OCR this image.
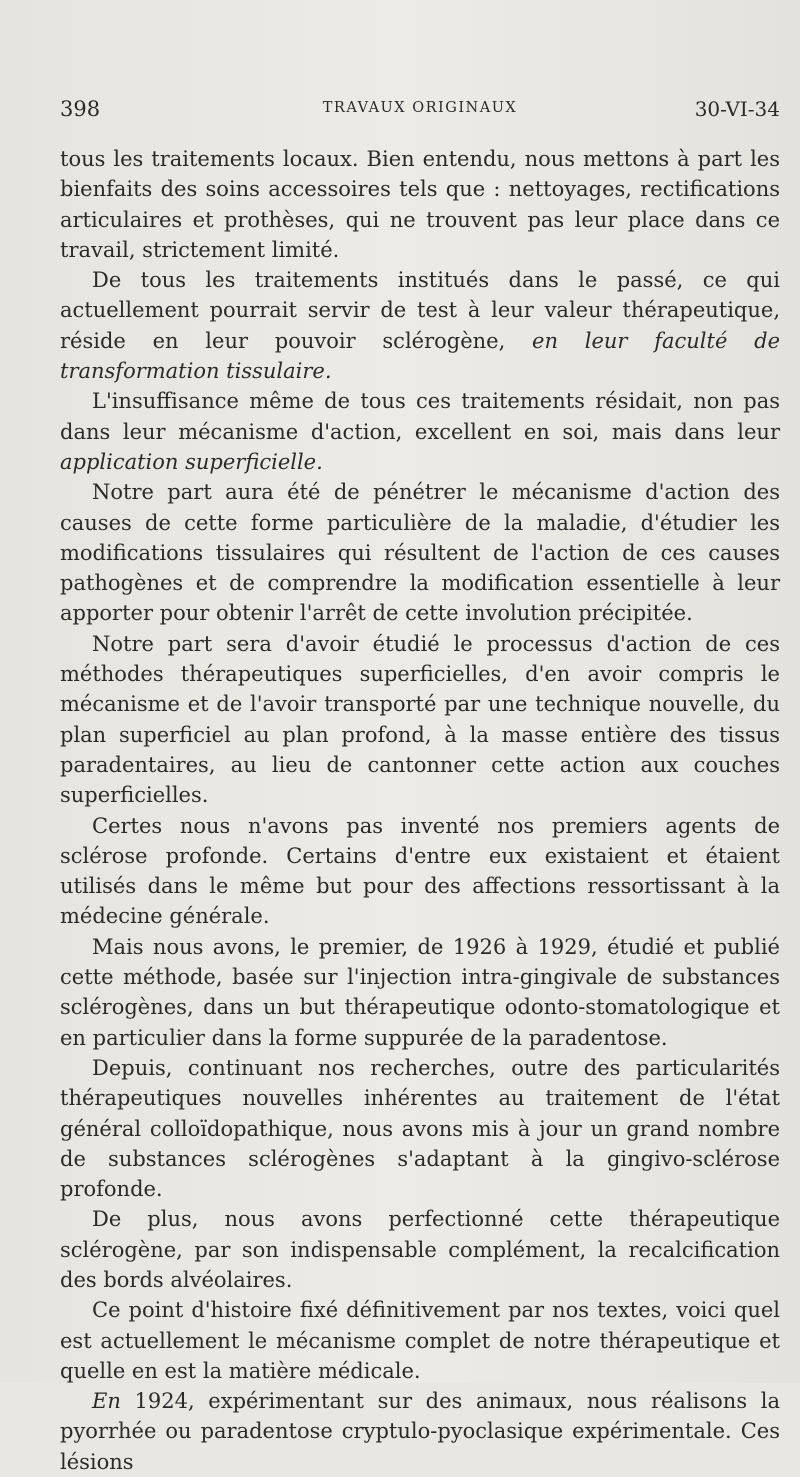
398	TRAVAUX ORIGINAUX	30-VI-34

tous les traitements locaux. Bien entendu, nous mettons à part les bienfaits des soins accessoires tels que : nettoyages, rectifications articulaires et prothèses, qui ne trouvent pas leur place dans ce travail, strictement limité.

De tous les traitements institués dans le passé, ce qui actuellement pourrait servir de test à leur valeur thérapeutique, réside en leur pouvoir sclérogène, en leur faculté de transformation tissulaire.

L'insuffisance même de tous ces traitements résidait, non pas dans leur mécanisme d'action, excellent en soi, mais dans leur application superficielle.

Notre part aura été de pénétrer le mécanisme d'action des causes de cette forme particulière de la maladie, d'étudier les modifications tissulaires qui résultent de l'action de ces causes pathogènes et de comprendre la modification essentielle à leur apporter pour obtenir l'arrêt de cette involution précipitée.

Notre part sera d'avoir étudié le processus d'action de ces méthodes thérapeutiques superficielles, d'en avoir compris le mécanisme et de l'avoir transporté par une technique nouvelle, du plan superficiel au plan profond, à la masse entière des tissus paradentaires, au lieu de cantonner cette action aux couches superficielles.

Certes nous n'avons pas inventé nos premiers agents de sclérose profonde. Certains d'entre eux existaient et étaient utilisés dans le même but pour des affections ressortissant à la médecine générale.

Mais nous avons, le premier, de 1926 à 1929, étudié et publié cette méthode, basée sur l'injection intra-gingivale de substances sclérogènes, dans un but thérapeutique odonto-stomatologique et en particulier dans la forme suppurée de la paradentose.

Depuis, continuant nos recherches, outre des particularités thérapeutiques nouvelles inhérentes au traitement de l'état général colloïdopathique, nous avons mis à jour un grand nombre de substances sclérogènes s'adaptant à la gingivo-sclérose profonde.

De plus, nous avons perfectionné cette thérapeutique sclérogène, par son indispensable complément, la recalcification des bords alvéolaires.

Ce point d'histoire fixé définitivement par nos textes, voici quel est actuellement le mécanisme complet de notre thérapeutique et quelle en est la matière médicale.

En 1924, expérimentant sur des animaux, nous réalisons la pyorrhée ou paradentose cryptulo-pyoclasique expérimentale. Ces lésions
